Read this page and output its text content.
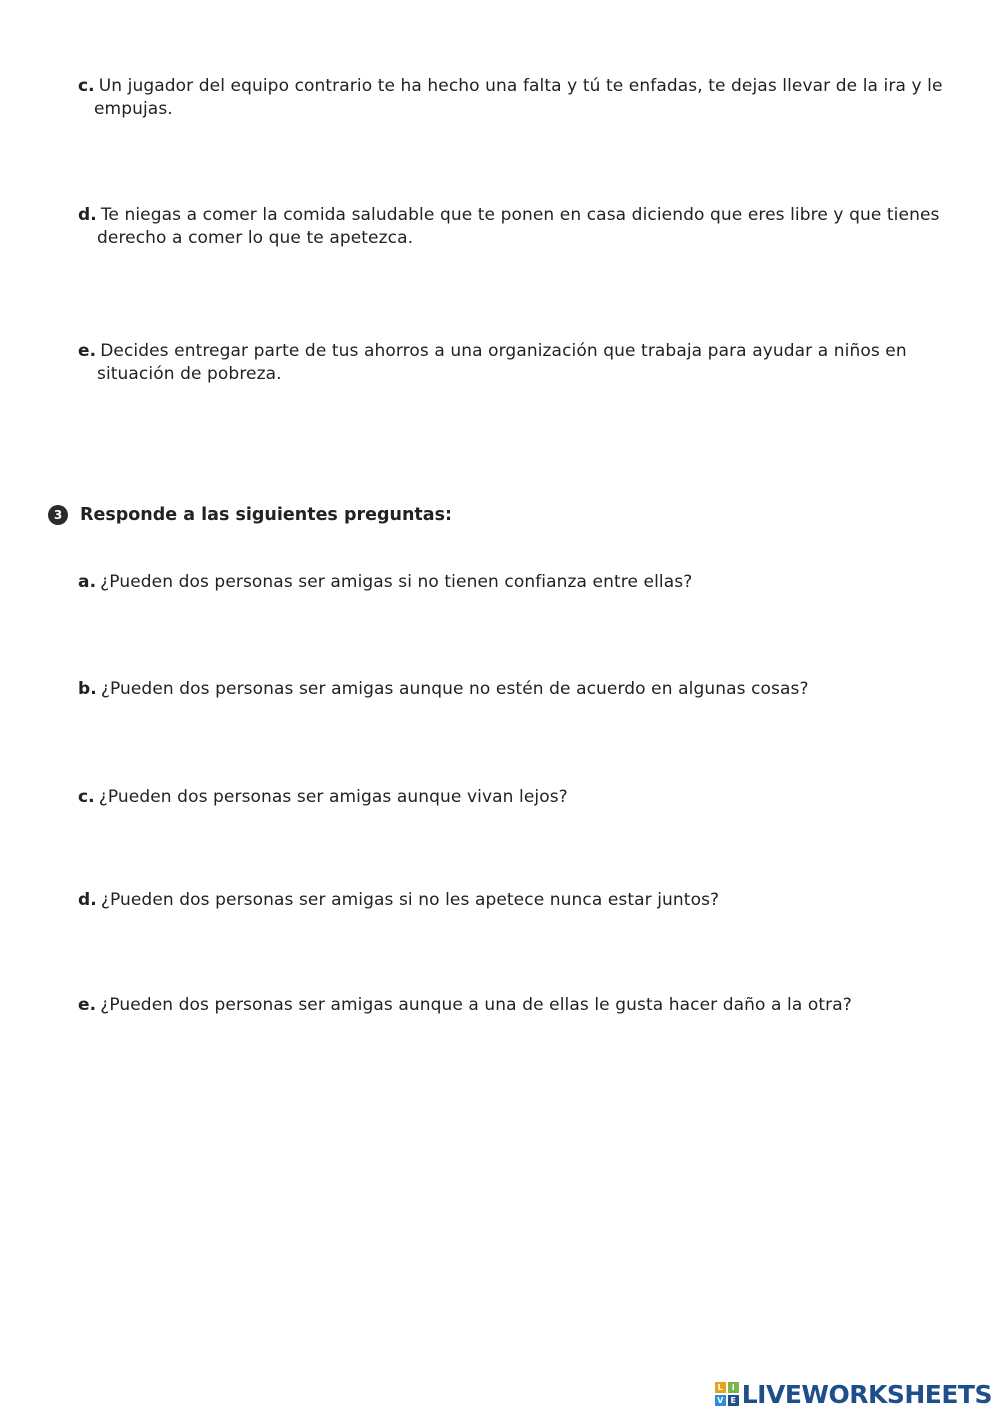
c. Un jugador del equipo contrario te ha hecho una falta y tú te enfadas, te dejas llevar de la ira y le
empujas.
d. Te niegas a comer la comida saludable que te ponen en casa diciendo que eres libre y que tienes
derecho a comer lo que te apetezca.
e. Decides entregar parte de tus ahorros a una organización que trabaja para ayudar a niños en
situación de pobreza.
3	Responde a las siguientes preguntas:
a. ¿Pueden dos personas ser amigas si no tienen confianza entre ellas?
b. ¿Pueden dos personas ser amigas aunque no estén de acuerdo en algunas cosas?
c. ¿Pueden dos personas ser amigas aunque vivan lejos?
d. ¿Pueden dos personas ser amigas si no les apetece nunca estar juntos?
e. ¿Pueden dos personas ser amigas aunque a una de ellas le gusta hacer daño a la otra?
L	I
V E LIVEWORKSHEETS
